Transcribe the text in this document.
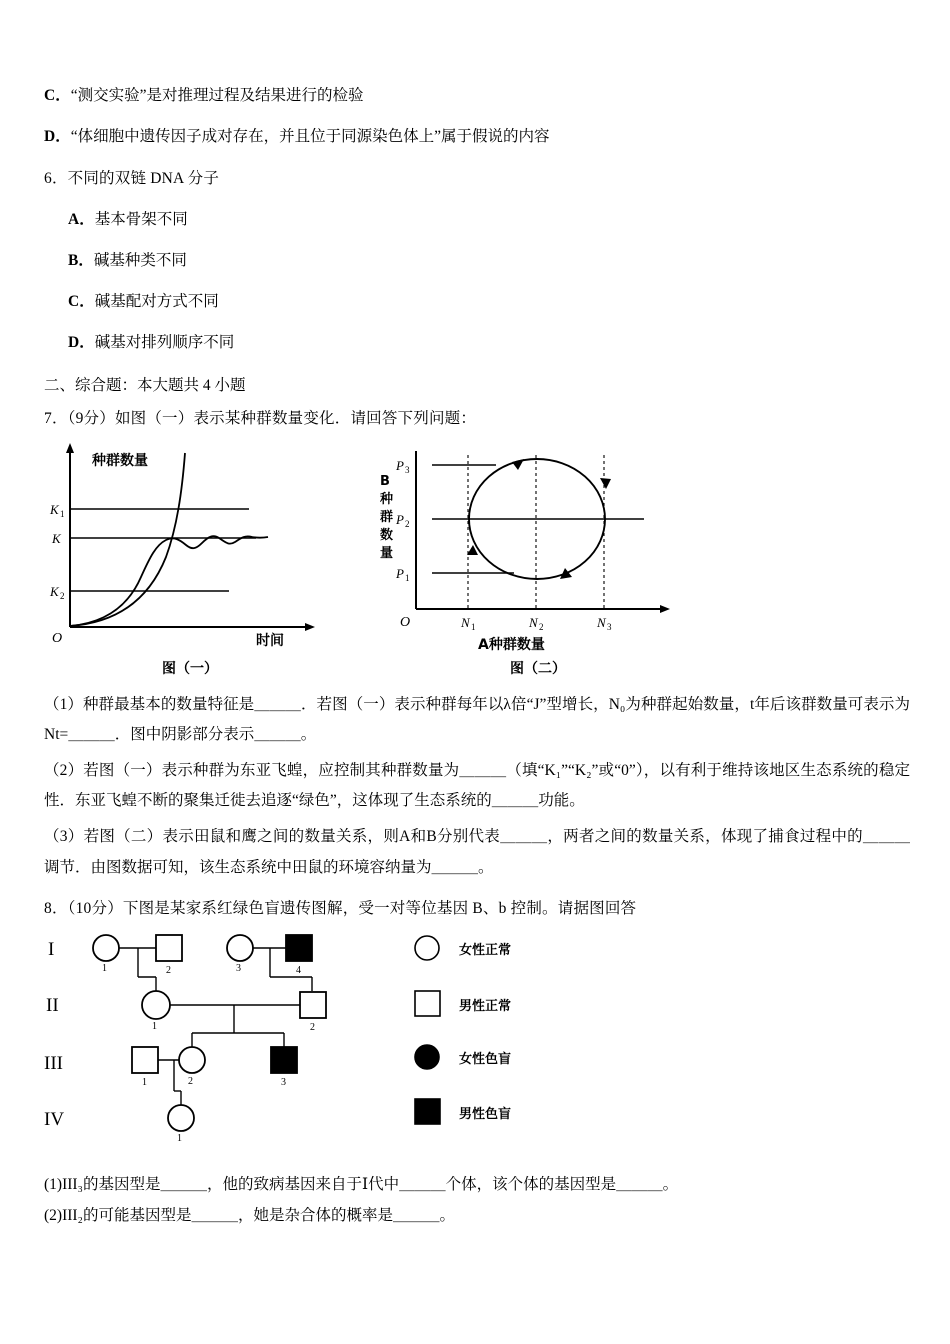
C．“测交实验”是对推理过程及结果进行的检验
D．“体细胞中遗传因子成对存在，并且位于同源染色体上”属于假说的内容
6．不同的双链 DNA 分子
A．基本骨架不同
B．碱基种类不同
C．碱基配对方式不同
D．碱基对排列顺序不同
二、综合题：本大题共 4 小题
7．（9分）如图（一）表示某种群数量变化．请回答下列问题：
K 1
K
K 2
O
种群数量
时间
图（一）
P 3
P 2
P 1
N 1	N 2	N 3
O
B
种
群
数
量
A种群数量
图（二）
（1）种群最基本的数量特征是＿＿＿．若图（一）表示种群每年以λ倍“J”型增长，N₀为种群起始数量，t年后该群数量可表示为Nt=＿＿＿．图中阴影部分表示＿＿＿。
（2）若图（一）表示种群为东亚飞蝗，应控制其种群数量为＿＿＿（填“K₁”“K₂”或“0”），以有利于维持该地区生态系统的稳定性．东亚飞蝗不断的聚集迁徙去追逐“绿色”，这体现了生态系统的＿＿＿功能。
（3）若图（二）表示田鼠和鹰之间的数量关系，则A和B分别代表＿＿＿，两者之间的数量关系，体现了捕食过程中的＿＿＿调节．由图数据可知，该生态系统中田鼠的环境容纳量为＿＿＿。
8．（10分）下图是某家系红绿色盲遗传图解，受一对等位基因 B、b 控制。请据图回答
I
II
III
IV
1	2	3	4
1	2
1	2	3
1
女性正常
男性正常
女性色盲
男性色盲
(1)III₃的基因型是＿＿＿，他的致病基因来自于Ⅰ代中＿＿＿个体，该个体的基因型是＿＿＿。
(2)III₂的可能基因型是＿＿＿，她是杂合体的概率是＿＿＿。
